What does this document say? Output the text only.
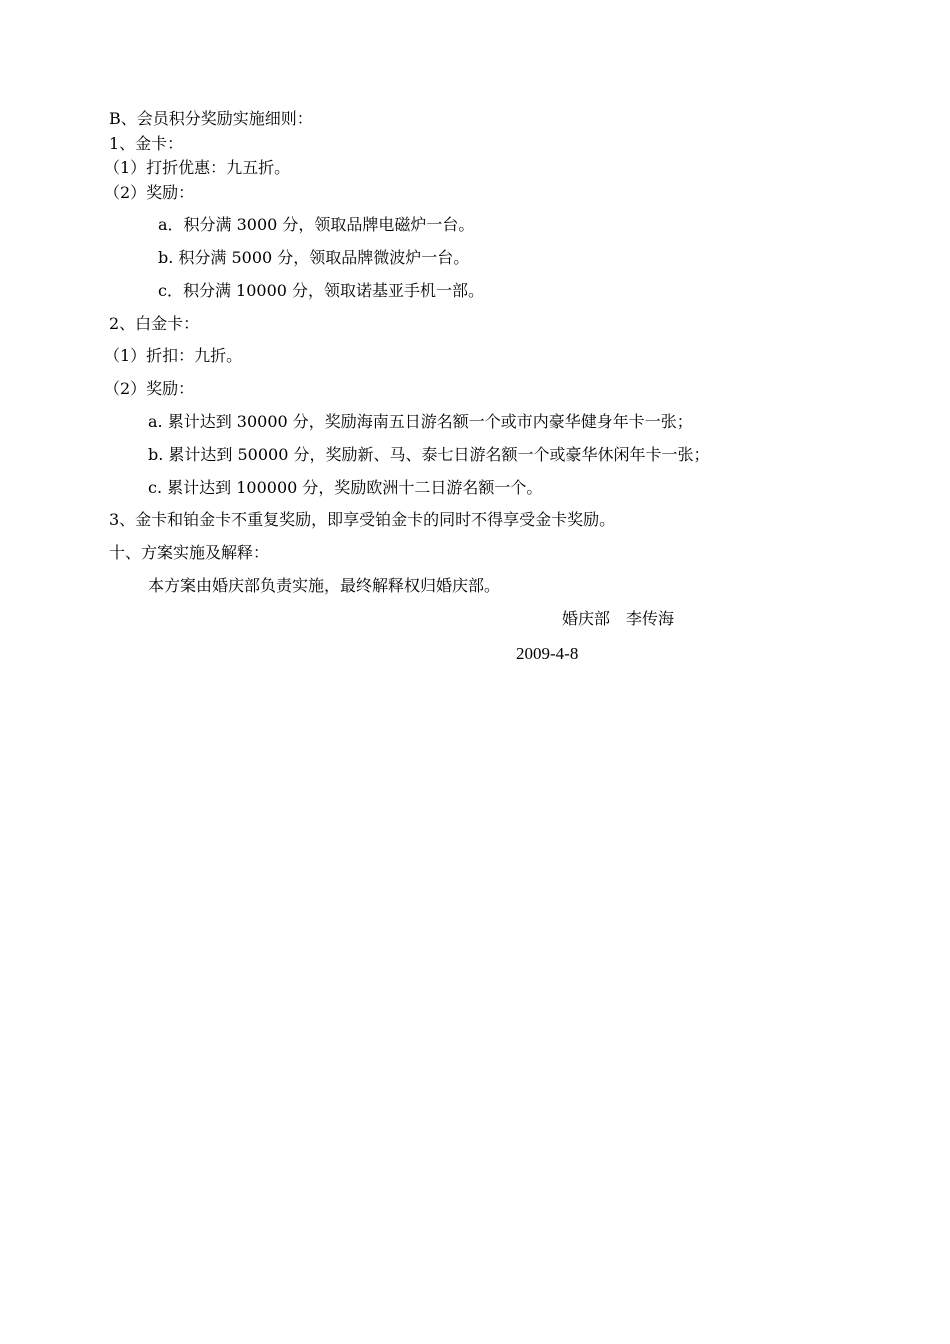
B、会员积分奖励实施细则：
1、金卡：
（1）打折优惠：九五折。
（2）奖励：
a．积分满 3000 分，领取品牌电磁炉一台。
b. 积分满 5000 分，领取品牌微波炉一台。
c．积分满 10000 分，领取诺基亚手机一部。
2、白金卡：
（1）折扣：九折。
（2）奖励：
a. 累计达到 30000 分，奖励海南五日游名额一个或市内豪华健身年卡一张；
b. 累计达到 50000 分，奖励新、马、泰七日游名额一个或豪华休闲年卡一张；
c. 累计达到 100000 分，奖励欧洲十二日游名额一个。
3、金卡和铂金卡不重复奖励，即享受铂金卡的同时不得享受金卡奖励。
十、方案实施及解释：
本方案由婚庆部负责实施，最终解释权归婚庆部。
婚庆部　李传海
2009-4-8
